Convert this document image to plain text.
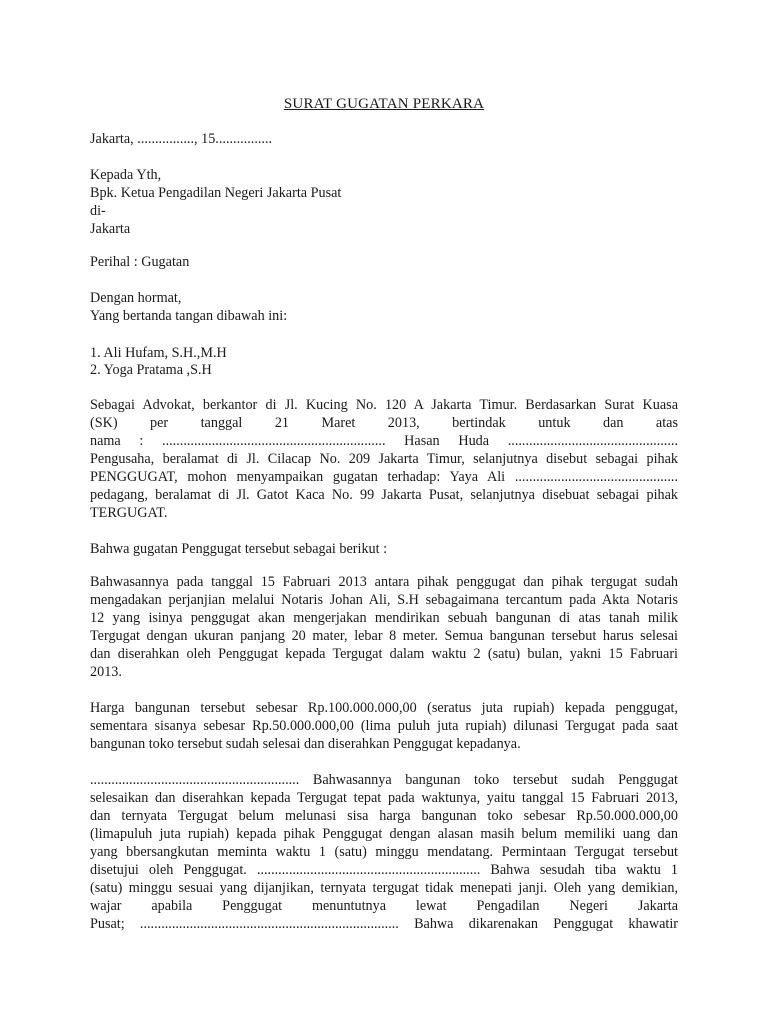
SURAT GUGATAN PERKARA
Jakarta, ................, 15................
Kepada Yth,
Bpk. Ketua Pengadilan Negeri Jakarta Pusat
di-
Jakarta
Perihal : Gugatan
Dengan hormat,
Yang bertanda tangan dibawah ini:
1. Ali Hufam, S.H.,M.H
2. Yoga Pratama ,S.H
Sebagai Advokat, berkantor di Jl. Kucing No. 120 A Jakarta Timur. Berdasarkan Surat Kuasa
(SK) per tanggal 21 Maret 2013, bertindak untuk dan atas
nama : ............................................................... Hasan Huda ................................................
Pengusaha, beralamat di Jl. Cilacap No. 209 Jakarta Timur, selanjutnya disebut sebagai pihak
PENGGUGAT, mohon menyampaikan gugatan terhadap: Yaya Ali ..............................................
pedagang, beralamat di Jl. Gatot Kaca No. 99 Jakarta Pusat, selanjutnya disebuat sebagai pihak
TERGUGAT.
Bahwa gugatan Penggugat tersebut sebagai berikut :
Bahwasannya pada tanggal 15 Fabruari 2013 antara pihak penggugat dan pihak tergugat sudah
mengadakan perjanjian melalui Notaris Johan Ali, S.H sebagaimana tercantum pada Akta Notaris
12 yang isinya penggugat akan mengerjakan mendirikan sebuah bangunan di atas tanah milik
Tergugat dengan ukuran panjang 20 mater, lebar 8 meter. Semua bangunan tersebut harus selesai
dan diserahkan oleh Penggugat kepada Tergugat dalam waktu 2 (satu) bulan, yakni 15 Fabruari
2013.
Harga bangunan tersebut sebesar Rp.100.000.000,00 (seratus juta rupiah) kepada penggugat,
sementara sisanya sebesar Rp.50.000.000,00 (lima puluh juta rupiah) dilunasi Tergugat pada saat
bangunan toko tersebut sudah selesai dan diserahkan Penggugat kepadanya.
........................................................... Bahwasannya bangunan toko tersebut sudah Penggugat
selesaikan dan diserahkan kepada Tergugat tepat pada waktunya, yaitu tanggal 15 Fabruari 2013,
dan ternyata Tergugat belum melunasi sisa harga bangunan toko sebesar Rp.50.000.000,00
(limapuluh juta rupiah) kepada pihak Penggugat dengan alasan masih belum memiliki uang dan
yang bbersangkutan meminta waktu 1 (satu) minggu mendatang. Permintaan Tergugat tersebut
disetujui oleh Penggugat. ............................................................... Bahwa sesudah tiba waktu 1
(satu) minggu sesuai yang dijanjikan, ternyata tergugat tidak menepati janji. Oleh yang demikian,
wajar apabila Penggugat menuntutnya lewat Pengadilan Negeri Jakarta
Pusat; ......................................................................... Bahwa dikarenakan Penggugat khawatir
